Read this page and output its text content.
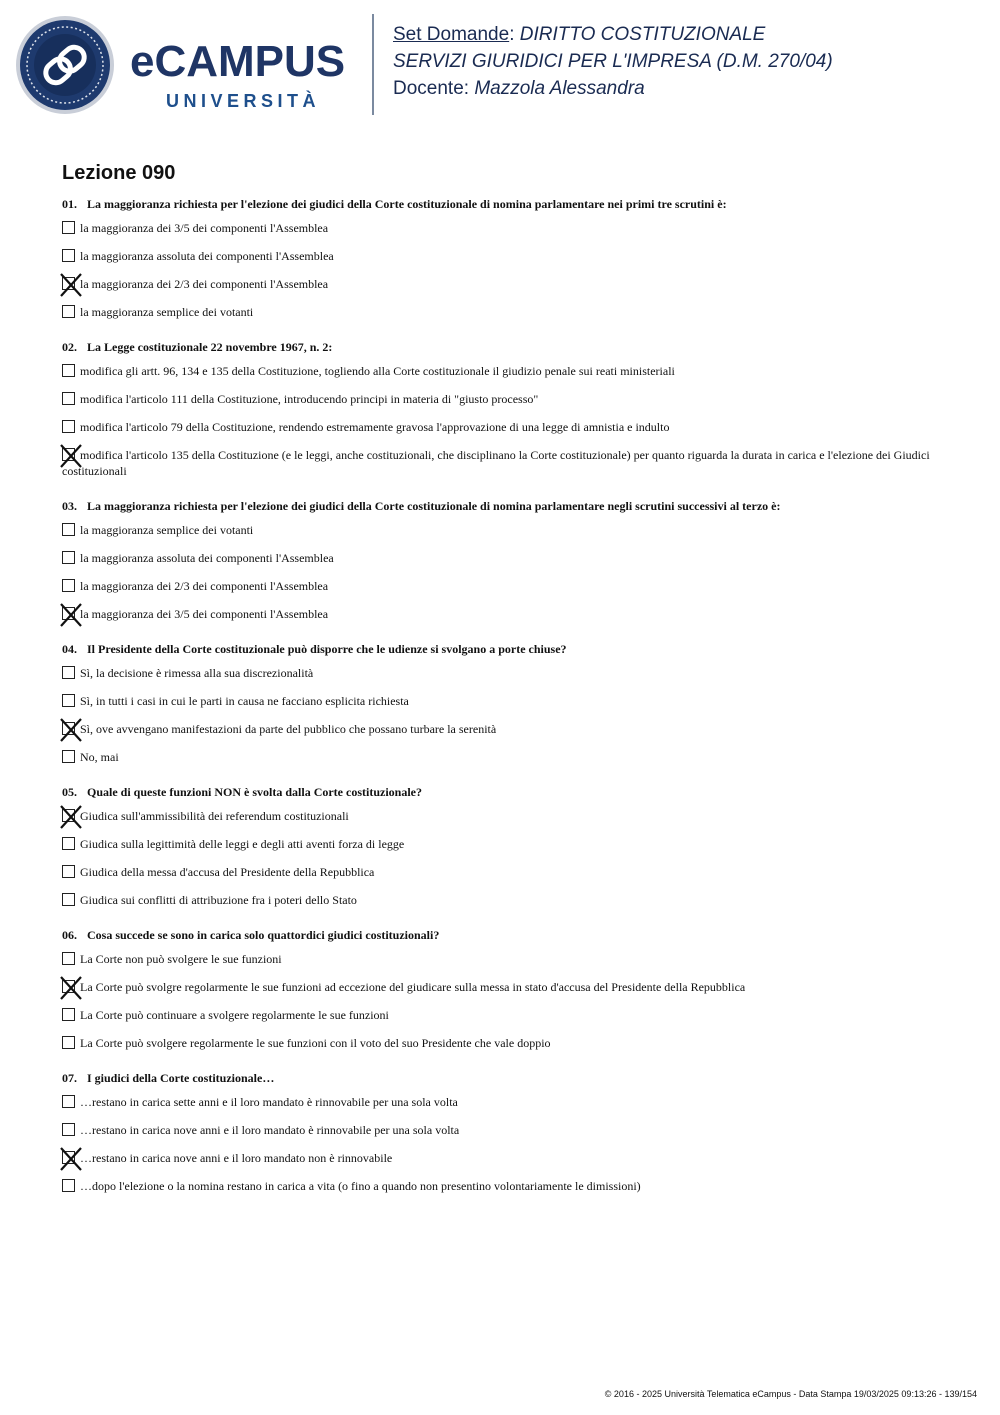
eCAMPUS
UNIVERSITÀ
Set Domande: DIRITTO COSTITUZIONALE
SERVIZI GIURIDICI PER L'IMPRESA (D.M. 270/04)
Docente: Mazzola Alessandra
Lezione 090
01. La maggioranza richiesta per l'elezione dei giudici della Corte costituzionale di nomina parlamentare nei primi tre scrutini è:
la maggioranza dei 3/5 dei componenti l'Assemblea
la maggioranza assoluta dei componenti l'Assemblea
la maggioranza dei 2/3 dei componenti l'Assemblea
la maggioranza semplice dei votanti
02. La Legge costituzionale 22 novembre 1967, n. 2:
modifica gli artt. 96, 134 e 135 della Costituzione, togliendo alla Corte costituzionale il giudizio penale sui reati ministeriali
modifica l'articolo 111 della Costituzione, introducendo principi in materia di "giusto processo"
modifica l'articolo 79 della Costituzione, rendendo estremamente gravosa l'approvazione di una legge di amnistia e indulto
modifica l'articolo 135 della Costituzione (e le leggi, anche costituzionali, che disciplinano la Corte costituzionale) per quanto riguarda la durata in carica e l'elezione dei Giudici costituzionali
03. La maggioranza richiesta per l'elezione dei giudici della Corte costituzionale di nomina parlamentare negli scrutini successivi al terzo è:
la maggioranza semplice dei votanti
la maggioranza assoluta dei componenti l'Assemblea
la maggioranza dei 2/3 dei componenti l'Assemblea
la maggioranza dei 3/5 dei componenti l'Assemblea
04. Il Presidente della Corte costituzionale può disporre che le udienze si svolgano a porte chiuse?
Sì, la decisione è rimessa alla sua discrezionalità
Sì, in tutti i casi in cui le parti in causa ne facciano esplicita richiesta
Sì, ove avvengano manifestazioni da parte del pubblico che possano turbare la serenità
No, mai
05. Quale di queste funzioni NON è svolta dalla Corte costituzionale?
Giudica sull'ammissibilità dei referendum costituzionali
Giudica sulla legittimità delle leggi e degli atti aventi forza di legge
Giudica della messa d'accusa del Presidente della Repubblica
Giudica sui conflitti di attribuzione fra i poteri dello Stato
06. Cosa succede se sono in carica solo quattordici giudici costituzionali?
La Corte non può svolgere le sue funzioni
La Corte può svolgre regolarmente le sue funzioni ad eccezione del giudicare sulla messa in stato d'accusa del Presidente della Repubblica
La Corte può continuare a svolgere regolarmente le sue funzioni
La Corte può svolgere regolarmente le sue funzioni con il voto del suo Presidente che vale doppio
07. I giudici della Corte costituzionale…
…restano in carica sette anni e il loro mandato è rinnovabile per una sola volta
…restano in carica nove anni e il loro mandato è rinnovabile per una sola volta
…restano in carica nove anni e il loro mandato non è rinnovabile
…dopo l'elezione o la nomina restano in carica a vita (o fino a quando non presentino volontariamente le dimissioni)
© 2016 - 2025 Università Telematica eCampus - Data Stampa 19/03/2025 09:13:26 - 139/154
